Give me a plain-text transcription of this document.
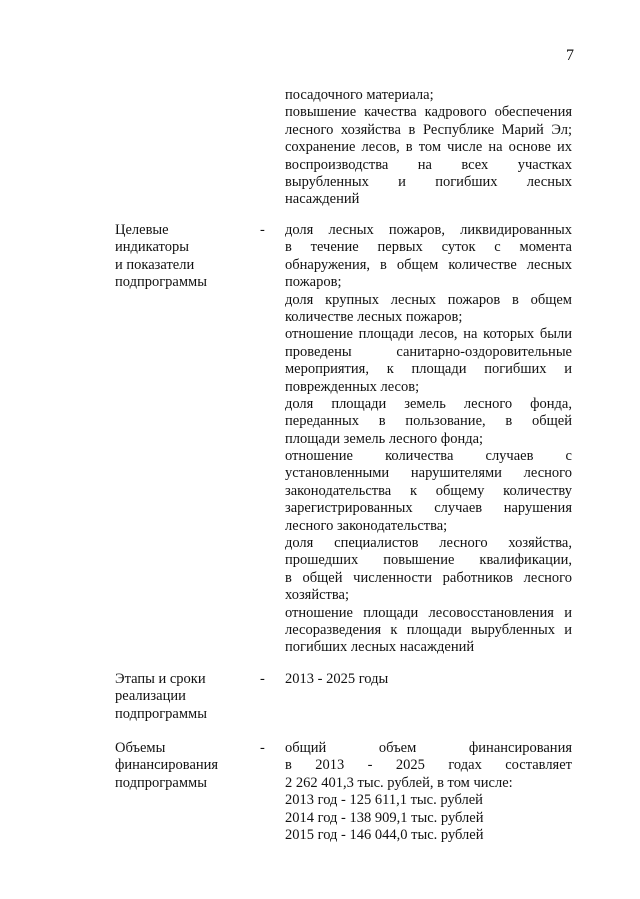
7
посадочного материала;
повышение качества кадрового обеспечения
лесного хозяйства в Республике Марий Эл;
сохранение лесов, в том числе на основе их
воспроизводства на всех участках
вырубленных и погибших лесных
насаждений
Целевые
индикаторы
и показатели
подпрограммы
- доля лесных пожаров, ликвидированных
в течение первых суток с момента
обнаружения, в общем количестве лесных
пожаров;
доля крупных лесных пожаров в общем
количестве лесных пожаров;
отношение площади лесов, на которых были
проведены санитарно-оздоровительные
мероприятия, к площади погибших и
поврежденных лесов;
доля площади земель лесного фонда,
переданных в пользование, в общей
площади земель лесного фонда;
отношение количества случаев с
установленными нарушителями лесного
законодательства к общему количеству
зарегистрированных случаев нарушения
лесного законодательства;
доля специалистов лесного хозяйства,
прошедших повышение квалификации,
в общей численности работников лесного
хозяйства;
отношение площади лесовосстановления и
лесоразведения к площади вырубленных и
погибших лесных насаждений
Этапы и сроки
реализации
подпрограммы
- 2013 - 2025 годы
Объемы
финансирования
подпрограммы
- общий объем финансирования
в 2013 - 2025 годах составляет
2 262 401,3 тыс. рублей, в том числе:
2013 год - 125 611,1 тыс. рублей
2014 год - 138 909,1 тыс. рублей
2015 год - 146 044,0 тыс. рублей
